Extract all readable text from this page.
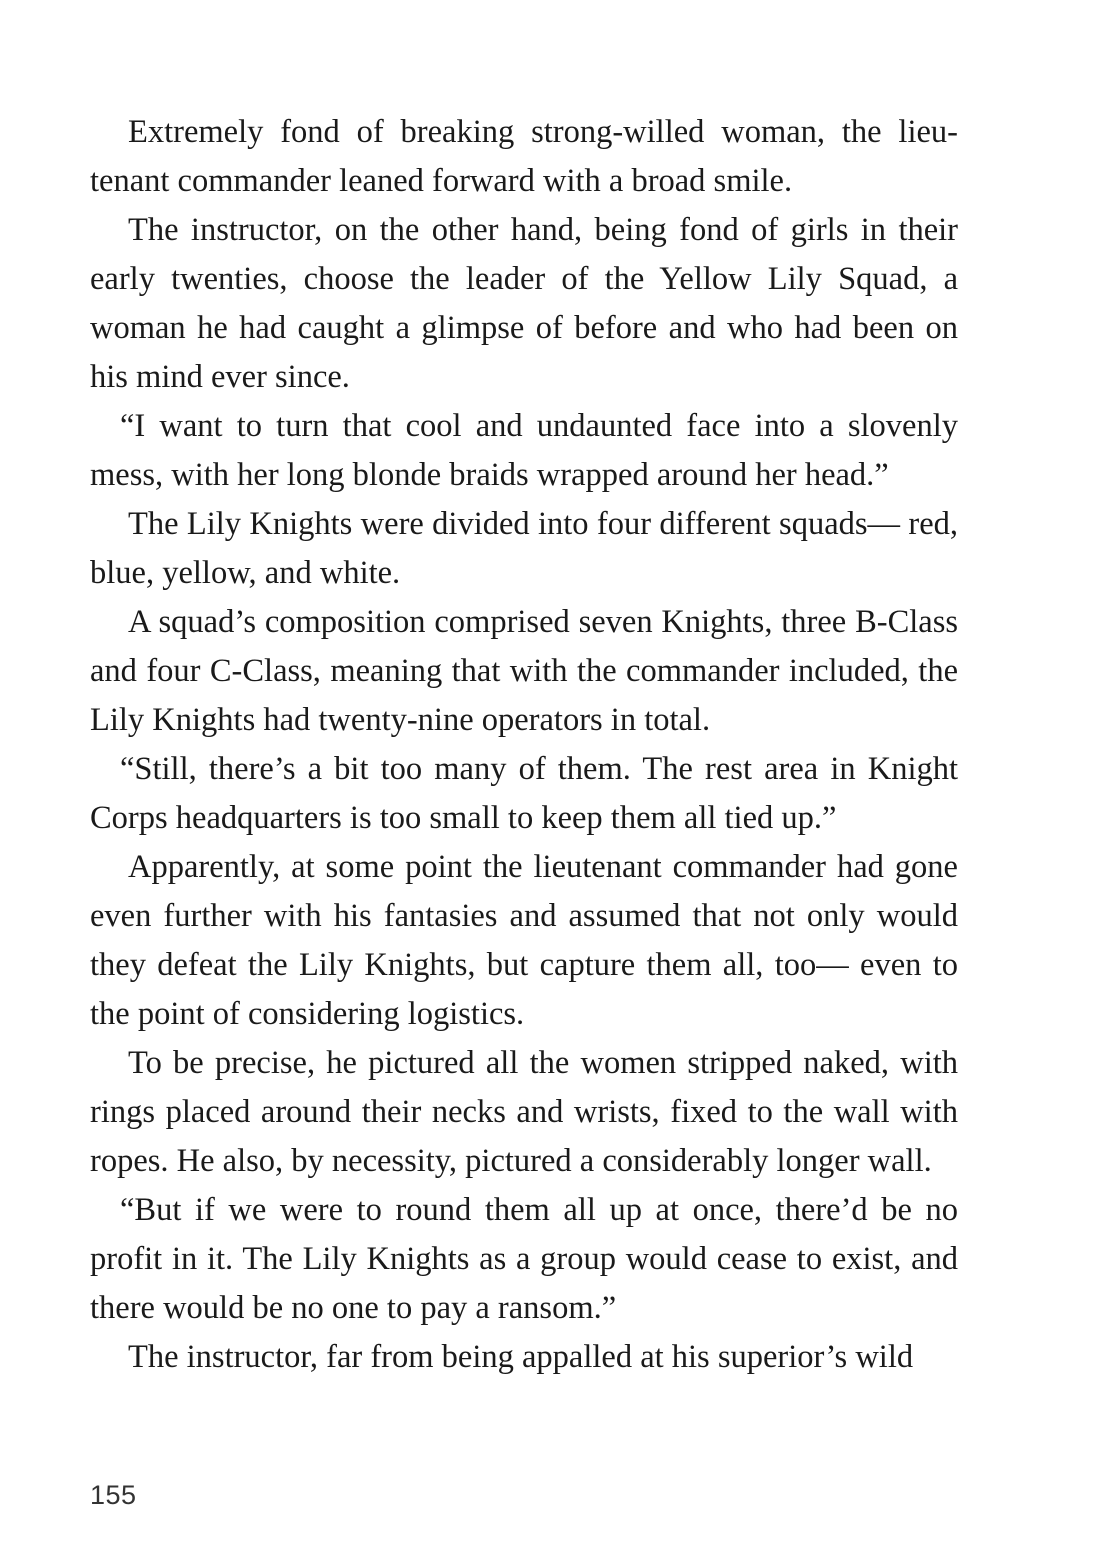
Extremely fond of breaking strong-willed woman, the lieutenant commander leaned forward with a broad smile.

The instructor, on the other hand, being fond of girls in their early twenties, choose the leader of the Yellow Lily Squad, a woman he had caught a glimpse of before and who had been on his mind ever since.

“I want to turn that cool and undaunted face into a slovenly mess, with her long blonde braids wrapped around her head.”

The Lily Knights were divided into four different squads— red, blue, yellow, and white.

A squad’s composition comprised seven Knights, three B-Class and four C-Class, meaning that with the commander included, the Lily Knights had twenty-nine operators in total.

“Still, there’s a bit too many of them. The rest area in Knight Corps headquarters is too small to keep them all tied up.”

Apparently, at some point the lieutenant commander had gone even further with his fantasies and assumed that not only would they defeat the Lily Knights, but capture them all, too— even to the point of considering logistics.

To be precise, he pictured all the women stripped naked, with rings placed around their necks and wrists, fixed to the wall with ropes. He also, by necessity, pictured a considerably longer wall.

“But if we were to round them all up at once, there’d be no profit in it. The Lily Knights as a group would cease to exist, and there would be no one to pay a ransom.”

The instructor, far from being appalled at his superior’s wild

155
